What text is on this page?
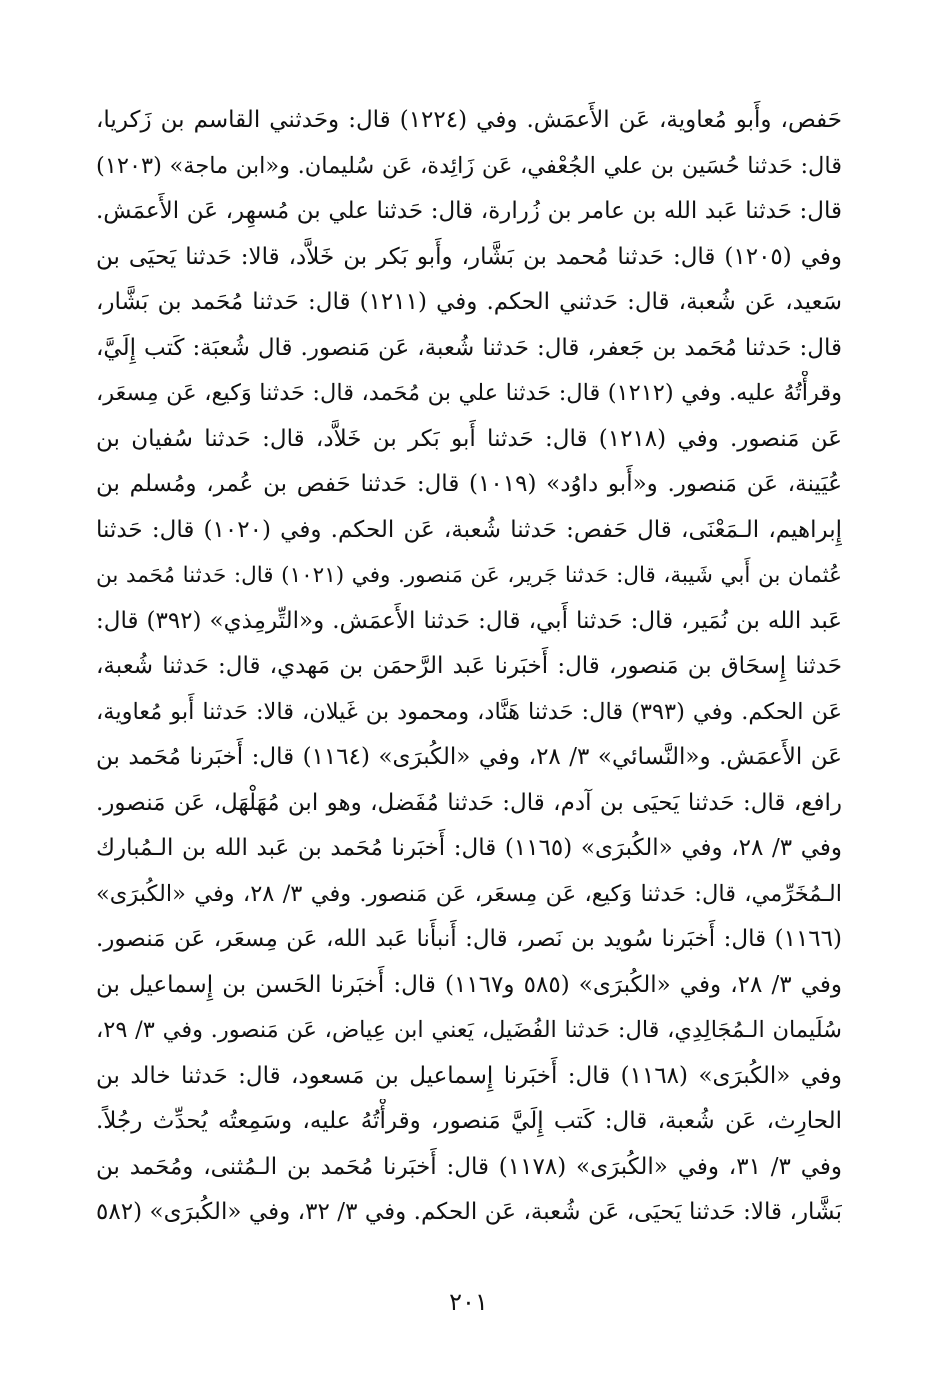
حَفص، وأَبو مُعاوية، عَن الأَعمَش. وفي (١٢٢٤) قال: وحَدثني القاسم بن زَكريا،
قال: حَدثنا حُسَين بن علي الجُعْفي، عَن زَائِدة، عَن سُليمان. و«ابن ماجة» (١٢٠٣)
قال: حَدثنا عَبد الله بن عامر بن زُرارة، قال: حَدثنا علي بن مُسهِر، عَن الأَعمَش.
وفي (١٢٠٥) قال: حَدثنا مُحمد بن بَشَّار، وأَبو بَكر بن خَلاَّد، قالا: حَدثنا يَحيَى بن
سَعيد، عَن شُعبة، قال: حَدثني الحكم. وفي (١٢١١) قال: حَدثنا مُحَمد بن بَشَّار،
قال: حَدثنا مُحَمد بن جَعفر، قال: حَدثنا شُعبة، عَن مَنصور. قال شُعبَة: كَتب إِلَيَّ،
وقرأْتُهُ عليه. وفي (١٢١٢) قال: حَدثنا علي بن مُحَمد، قال: حَدثنا وَكيع، عَن مِسعَر،
عَن مَنصور. وفي (١٢١٨) قال: حَدثنا أَبو بَكر بن خَلاَّد، قال: حَدثنا سُفيان بن
عُيَينة، عَن مَنصور. و«أَبو داوُد» (١٠١٩) قال: حَدثنا حَفص بن عُمر، ومُسلم بن
إِبراهيم، الـمَعْنَى، قال حَفص: حَدثنا شُعبة، عَن الحكم. وفي (١٠٢٠) قال: حَدثنا
عُثمان بن أَبي شَيبة، قال: حَدثنا جَرير، عَن مَنصور. وفي (١٠٢١) قال: حَدثنا مُحَمد بن
عَبد الله بن نُمَير، قال: حَدثنا أَبي، قال: حَدثنا الأَعمَش. و«التِّرمِذي» (٣٩٢) قال:
حَدثنا إِسحَاق بن مَنصور، قال: أَخبَرنا عَبد الرَّحمَن بن مَهدي، قال: حَدثنا شُعبة،
عَن الحكم. وفي (٣٩٣) قال: حَدثنا هَنَّاد، ومحمود بن غَيلان، قالا: حَدثنا أَبو مُعاوية،
عَن الأَعمَش. و«النَّسائي» ٣/ ٢٨، وفي «الكُبرَى» (١١٦٤) قال: أَخبَرنا مُحَمد بن
رافع، قال: حَدثنا يَحيَى بن آدم، قال: حَدثنا مُفَضل، وهو ابن مُهَلْهَل، عَن مَنصور.
وفي ٣/ ٢٨، وفي «الكُبرَى» (١١٦٥) قال: أَخبَرنا مُحَمد بن عَبد الله بن الـمُبارك
الـمُخَرِّمي، قال: حَدثنا وَكيع، عَن مِسعَر، عَن مَنصور. وفي ٣/ ٢٨، وفي «الكُبرَى»
(١١٦٦) قال: أَخبَرنا سُويد بن نَصر، قال: أَنبأَنا عَبد الله، عَن مِسعَر، عَن مَنصور.
وفي ٣/ ٢٨، وفي «الكُبرَى» (٥٨٥ و١١٦٧) قال: أَخبَرنا الحَسن بن إِسماعيل بن
سُلَيمان الـمُجَالِدِي، قال: حَدثنا الفُضَيل، يَعني ابن عِياض، عَن مَنصور. وفي ٣/ ٢٩،
وفي «الكُبرَى» (١١٦٨) قال: أَخبَرنا إِسماعيل بن مَسعود، قال: حَدثنا خالد بن
الحارِث، عَن شُعبة، قال: كَتب إِلَيَّ مَنصور، وقرأْتُهُ عليه، وسَمِعتُه يُحدِّث رجُلاً.
وفي ٣/ ٣١، وفي «الكُبرَى» (١١٧٨) قال: أَخبَرنا مُحَمد بن الـمُثنى، ومُحَمد بن
بَشَّار، قالا: حَدثنا يَحيَى، عَن شُعبة، عَن الحكم. وفي ٣/ ٣٢، وفي «الكُبرَى» (٥٨٢
٢٠١
